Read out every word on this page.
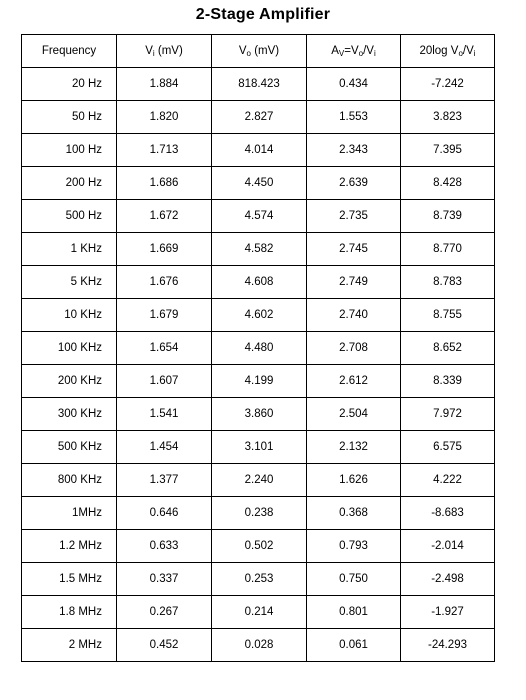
2-Stage Amplifier
Frequency	$V_i$ (mV)	$V_o$ (mV)	$A_V=V_o/V_i$	20log $V_o/V_i$
20 Hz	1.884	818.423	0.434	-7.242
50 Hz	1.820	2.827	1.553	3.823
100 Hz	1.713	4.014	2.343	7.395
200 Hz	1.686	4.450	2.639	8.428
500 Hz	1.672	4.574	2.735	8.739
1 KHz	1.669	4.582	2.745	8.770
5 KHz	1.676	4.608	2.749	8.783
10 KHz	1.679	4.602	2.740	8.755
100 KHz	1.654	4.480	2.708	8.652
200 KHz	1.607	4.199	2.612	8.339
300 KHz	1.541	3.860	2.504	7.972
500 KHz	1.454	3.101	2.132	6.575
800 KHz	1.377	2.240	1.626	4.222
1MHz	0.646	0.238	0.368	-8.683
1.2 MHz	0.633	0.502	0.793	-2.014
1.5 MHz	0.337	0.253	0.750	-2.498
1.8 MHz	0.267	0.214	0.801	-1.927
2 MHz	0.452	0.028	0.061	-24.293
